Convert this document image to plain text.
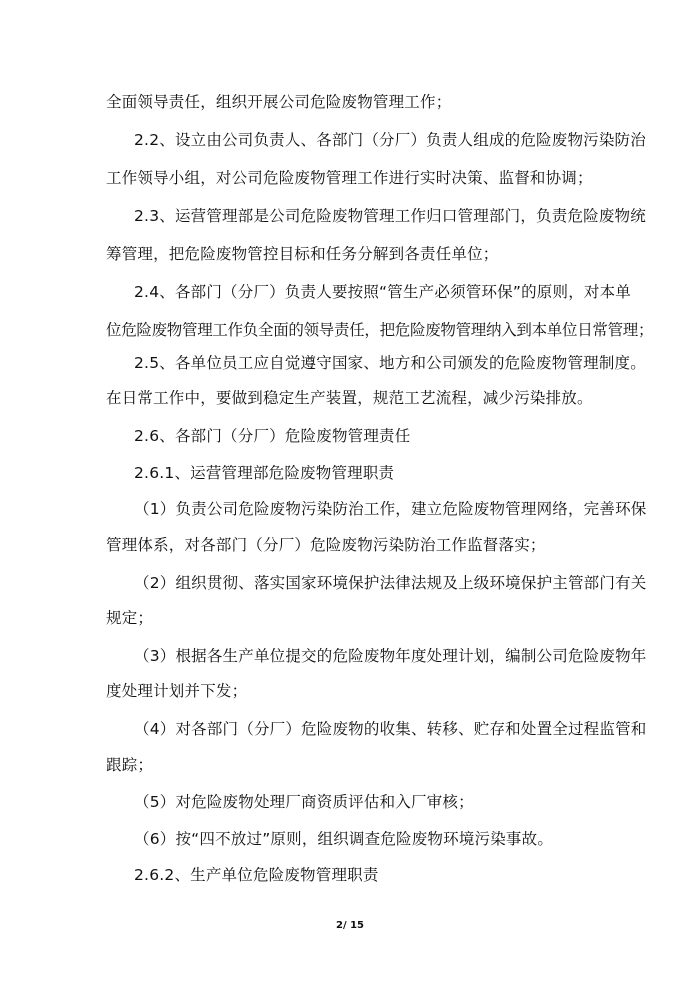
全面领导责任，组织开展公司危险废物管理工作；
2.2、设立由公司负责人、各部门（分厂）负责人组成的危险废物污染防治
工作领导小组，对公司危险废物管理工作进行实时决策、监督和协调；
2.3、运营管理部是公司危险废物管理工作归口管理部门，负责危险废物统
筹管理，把危险废物管控目标和任务分解到各责任单位；
2.4、各部门（分厂）负责人要按照“管生产必须管环保”的原则，对本单
位危险废物管理工作负全面的领导责任，把危险废物管理纳入到本单位日常管理；
2.5、各单位员工应自觉遵守国家、地方和公司颁发的危险废物管理制度。
在日常工作中，要做到稳定生产装置，规范工艺流程，减少污染排放。
2.6、各部门（分厂）危险废物管理责任
2.6.1、运营管理部危险废物管理职责
（1）负责公司危险废物污染防治工作，建立危险废物管理网络，完善环保
管理体系，对各部门（分厂）危险废物污染防治工作监督落实；
（2）组织贯彻、落实国家环境保护法律法规及上级环境保护主管部门有关
规定；
（3）根据各生产单位提交的危险废物年度处理计划，编制公司危险废物年
度处理计划并下发；
（4）对各部门（分厂）危险废物的收集、转移、贮存和处置全过程监管和
跟踪；
（5）对危险废物处理厂商资质评估和入厂审核；
（6）按“四不放过”原则，组织调查危险废物环境污染事故。
2.6.2、生产单位危险废物管理职责
2/ 15
